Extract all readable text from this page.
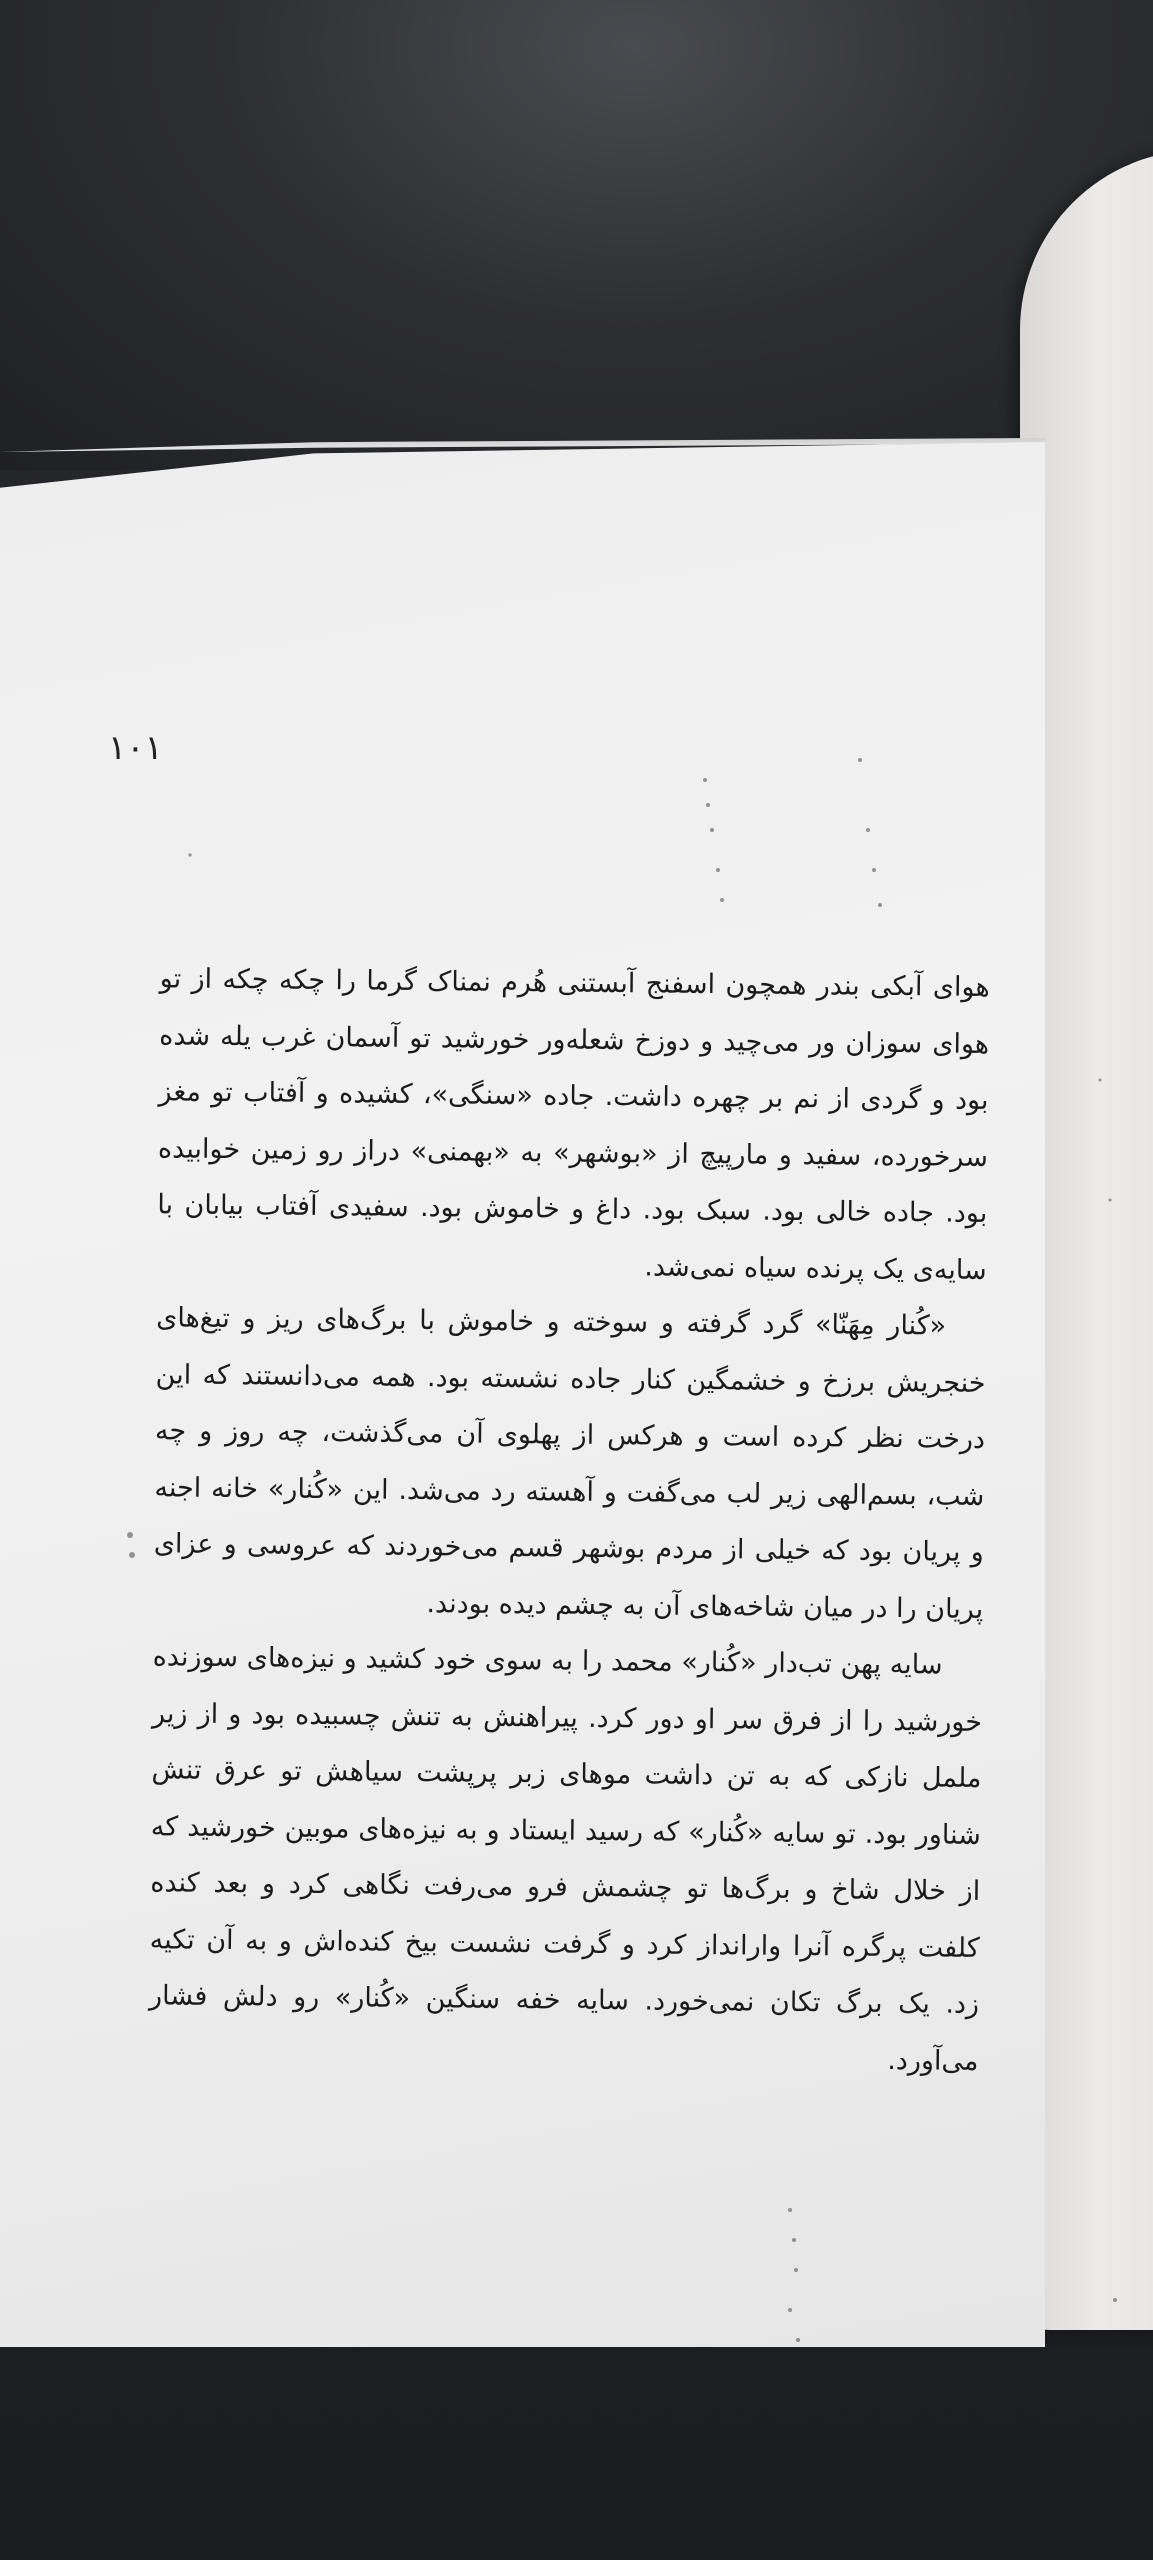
۱۰۱

هوای آبکی بندر همچون اسفنج آبستنی هُرم نمناک گرما را چکه چکه از تو هوای سوزان ور می‌چید و دوزخ شعله‌ور خورشید تو آسمان غرب یله شده بود و گردی از نم بر چهره داشت. جاده «سنگی»، کشیده و آفتاب تو مغز سرخورده، سفید و مارپیچ از «بوشهر» به «بهمنی» دراز رو زمین خوابیده بود. جاده خالی بود. سبک بود. داغ و خاموش بود. سفیدی آفتاب بیابان با سایه‌ی یک پرنده سیاه نمی‌شد.

«کُنار مِهَنّا» گرد گرفته و سوخته و خاموش با برگ‌های ریز و تیغ‌های خنجریش برزخ و خشمگین کنار جاده نشسته بود. همه می‌دانستند که این درخت نظر کرده است و هرکس از پهلوی آن می‌گذشت، چه روز و چه شب، بسم‌الهی زیر لب می‌گفت و آهسته رد می‌شد. این «کُنار» خانه اجنه و پریان بود که خیلی از مردم بوشهر قسم می‌خوردند که عروسی و عزای پریان را در میان شاخه‌های آن به چشم دیده بودند.

سایه پهن تب‌دار «کُنار» محمد را به سوی خود کشید و نیزه‌های سوزنده خورشید را از فرق سر او دور کرد. پیراهنش به تنش چسبیده بود و از زیر ململ نازکی که به تن داشت موهای زبر پرپشت سیاهش تو عرق تنش شناور بود. تو سایه «کُنار» که رسید ایستاد و به نیزه‌های موبین خورشید که از خلال شاخ و برگ‌ها تو چشمش فرو می‌رفت نگاهی کرد و بعد کنده کلفت پرگره آنرا وارانداز کرد و گرفت نشست بیخ کنده‌اش و به آن تکیه زد. یک برگ تکان نمی‌خورد. سایه خفه سنگین «کُنار» رو دلش فشار می‌آورد.
